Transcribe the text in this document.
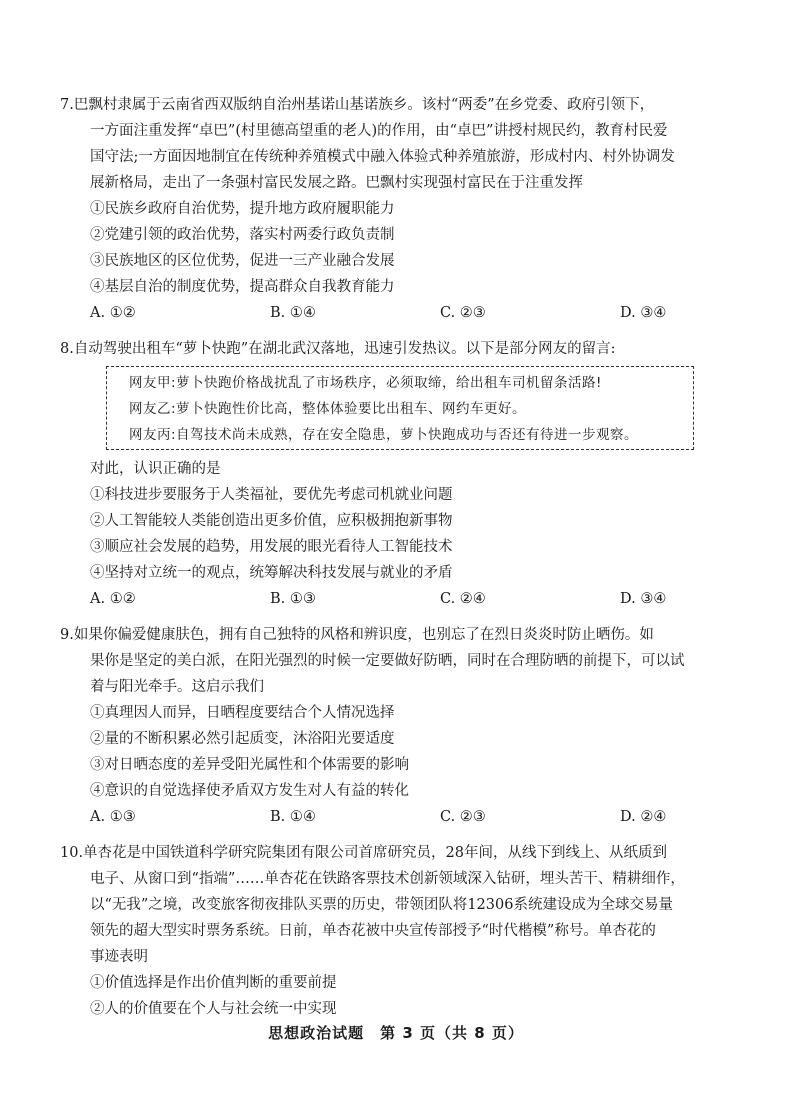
7.巴飘村隶属于云南省西双版纳自治州基诺山基诺族乡。该村“两委”在乡党委、政府引领下，
一方面注重发挥“卓巴”(村里德高望重的老人)的作用，由“卓巴”讲授村规民约，教育村民爱
国守法;一方面因地制宜在传统种养殖模式中融入体验式种养殖旅游，形成村内、村外协调发
展新格局，走出了一条强村富民发展之路。巴飘村实现强村富民在于注重发挥
①民族乡政府自治优势，提升地方政府履职能力
②党建引领的政治优势，落实村两委行政负责制
③民族地区的区位优势，促进一三产业融合发展
④基层自治的制度优势，提高群众自我教育能力
A. ①②	B. ①④	C. ②③	D. ③④
8.自动驾驶出租车“萝卜快跑”在湖北武汉落地，迅速引发热议。以下是部分网友的留言:
网友甲:萝卜快跑价格战扰乱了市场秩序，必须取缔，给出租车司机留条活路!
网友乙:萝卜快跑性价比高，整体体验要比出租车、网约车更好。
网友丙:自驾技术尚未成熟，存在安全隐患，萝卜快跑成功与否还有待进一步观察。
对此，认识正确的是
①科技进步要服务于人类福祉，要优先考虑司机就业问题
②人工智能较人类能创造出更多价值，应积极拥抱新事物
③顺应社会发展的趋势，用发展的眼光看待人工智能技术
④坚持对立统一的观点，统筹解决科技发展与就业的矛盾
A. ①②	B. ①③	C. ②④	D. ③④
9.如果你偏爱健康肤色，拥有自己独特的风格和辨识度，也别忘了在烈日炎炎时防止晒伤。如
果你是坚定的美白派，在阳光强烈的时候一定要做好防晒，同时在合理防晒的前提下，可以试
着与阳光牵手。这启示我们
①真理因人而异，日晒程度要结合个人情况选择
②量的不断积累必然引起质变，沐浴阳光要适度
③对日晒态度的差异受阳光属性和个体需要的影响
④意识的自觉选择使矛盾双方发生对人有益的转化
A. ①③	B. ①④	C. ②③	D. ②④
10.单杏花是中国铁道科学研究院集团有限公司首席研究员，28年间，从线下到线上、从纸质到
电子、从窗口到“指端”……单杏花在铁路客票技术创新领域深入钻研，埋头苦干、精耕细作，
以“无我”之境，改变旅客彻夜排队买票的历史，带领团队将12306系统建设成为全球交易量
领先的超大型实时票务系统。日前，单杏花被中央宣传部授予“时代楷模”称号。单杏花的
事迹表明
①价值选择是作出价值判断的重要前提
②人的价值要在个人与社会统一中实现
思想政治试题　第 3 页（共 8 页）
